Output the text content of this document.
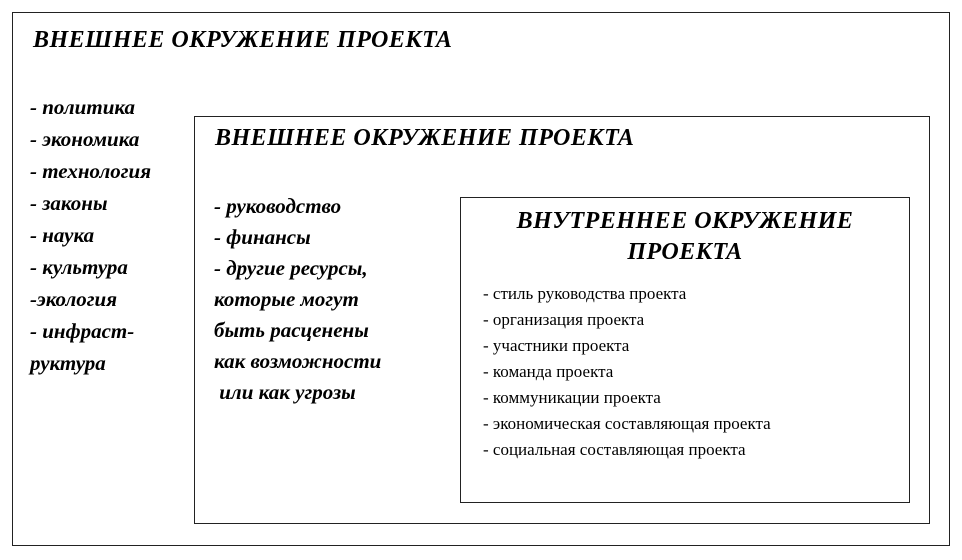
ВНЕШНЕЕ ОКРУЖЕНИЕ ПРОЕКТА
- политика
- экономика
- технология
- законы
- наука
- культура
-экология
- инфраст-
руктура
ВНЕШНЕЕ ОКРУЖЕНИЕ ПРОЕКТА
- руководство
- финансы
- другие ресурсы,
которые могут
быть расценены
как возможности
или как угрозы
ВНУТРЕННЕЕ ОКРУЖЕНИЕ
ПРОЕКТА
- стиль руководства проекта
- организация проекта
- участники проекта
- команда проекта
- коммуникации проекта
- экономическая составляющая проекта
- социальная составляющая проекта
